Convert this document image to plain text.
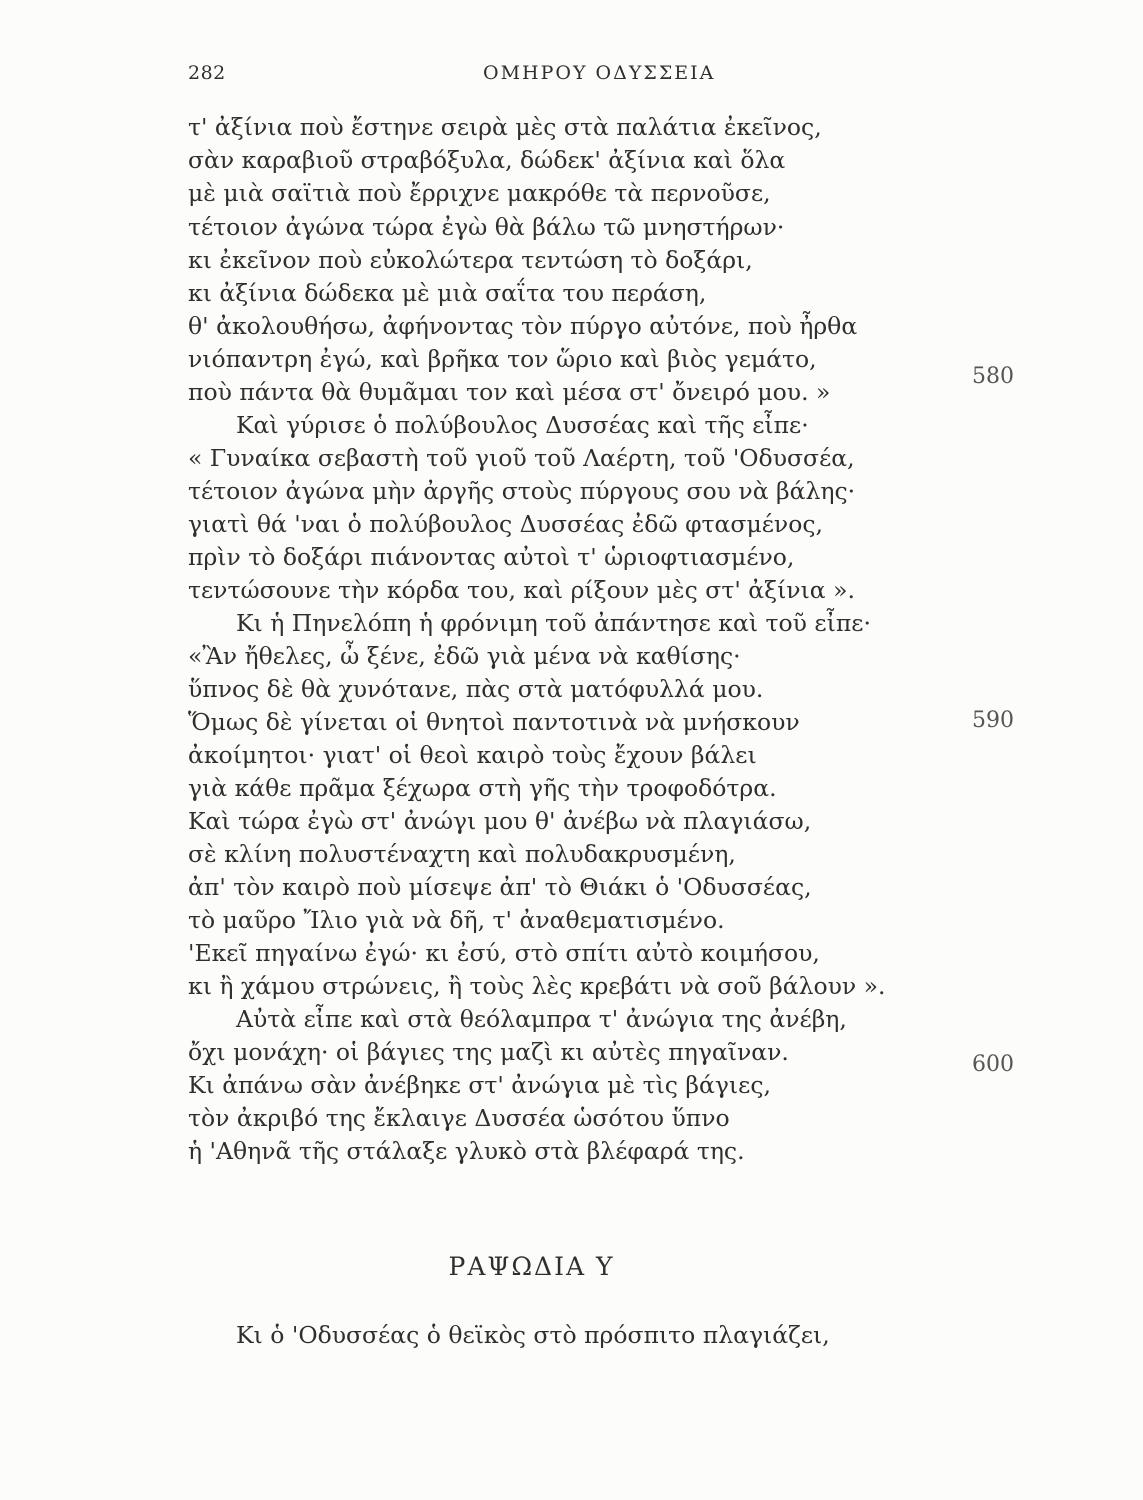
282	ΟΜΗΡΟΥ ΟΔΥΣΣΕΙΑ
τ' ἀξίνια ποὺ ἔστηνε σειρὰ μὲς στὰ παλάτια ἐκεῖνος,
σὰν καραβιοῦ στραβόξυλα, δώδεκ' ἀξίνια καὶ ὅλα
μὲ μιὰ σαϊτιὰ ποὺ ἔρριχνε μακρόθε τὰ περνοῦσε,
τέτοιον ἀγώνα τώρα ἐγὼ θὰ βάλω τῶ μνηστήρων·
κι ἐκεῖνον ποὺ εὐκολώτερα τεντώση τὸ δοξάρι,
κι ἀξίνια δώδεκα μὲ μιὰ σαΐτα του περάση,
θ' ἀκολουθήσω, ἀφήνοντας τὸν πύργο αὐτόνε, ποὺ ἦρθα
νιόπαντρη ἐγώ, καὶ βρῆκα τον ὥριο καὶ βιὸς γεμάτο,
ποὺ πάντα θὰ θυμᾶμαι τον καὶ μέσα στ' ὄνειρό μου. »
Καὶ γύρισε ὁ πολύβουλος Δυσσέας καὶ τῆς εἶπε·
« Γυναίκα σεβαστὴ τοῦ γιοῦ τοῦ Λαέρτη, τοῦ 'Οδυσσέα,
τέτοιον ἀγώνα μὴν ἀργῆς στοὺς πύργους σου νὰ βάλης·
γιατὶ θά 'ναι ὁ πολύβουλος Δυσσέας ἐδῶ φτασμένος,
πρὶν τὸ δοξάρι πιάνοντας αὐτοὶ τ' ὡριοφτιασμένο,
τεντώσουνε τὴν κόρδα του, καὶ ρίξουν μὲς στ' ἀξίνια ».
Κι ἡ Πηνελόπη ἡ φρόνιμη τοῦ ἀπάντησε καὶ τοῦ εἶπε·
«Ἂν ἤθελες, ὦ ξένε, ἐδῶ γιὰ μένα νὰ καθίσης·
ὕπνος δὲ θὰ χυνότανε, πὰς στὰ ματόφυλλά μου.
Ὅμως δὲ γίνεται οἱ θνητοὶ παντοτινὰ νὰ μνήσκουν
ἀκοίμητοι· γιατ' οἱ θεοὶ καιρὸ τοὺς ἔχουν βάλει
γιὰ κάθε πρᾶμα ξέχωρα στὴ γῆς τὴν τροφοδότρα.
Καὶ τώρα ἐγὼ στ' ἀνώγι μου θ' ἀνέβω νὰ πλαγιάσω,
σὲ κλίνη πολυστέναχτη καὶ πολυδακρυσμένη,
ἀπ' τὸν καιρὸ ποὺ μίσεψε ἀπ' τὸ Θιάκι ὁ 'Οδυσσέας,
τὸ μαῦρο Ἴλιο γιὰ νὰ δῆ, τ' ἀναθεματισμένο.
'Εκεῖ πηγαίνω ἐγώ· κι ἐσύ, στὸ σπίτι αὐτὸ κοιμήσου,
κι ἢ χάμου στρώνεις, ἢ τοὺς λὲς κρεβάτι νὰ σοῦ βάλουν ».
Αὐτὰ εἶπε καὶ στὰ θεόλαμπρα τ' ἀνώγια της ἀνέβη,
ὄχι μονάχη· οἱ βάγιες της μαζὶ κι αὐτὲς πηγαῖναν.
Κι ἀπάνω σὰν ἀνέβηκε στ' ἀνώγια μὲ τὶς βάγιες,
τὸν ἀκριβό της ἔκλαιγε Δυσσέα ὡσότου ὕπνο
ἡ 'Αθηνᾶ τῆς στάλαξε γλυκὸ στὰ βλέφαρά της.
580
590
600
ΡΑΨΩΔΙΑ Υ
Κι ὁ 'Οδυσσέας ὁ θεϊκὸς στὸ πρόσπιτο πλαγιάζει,
